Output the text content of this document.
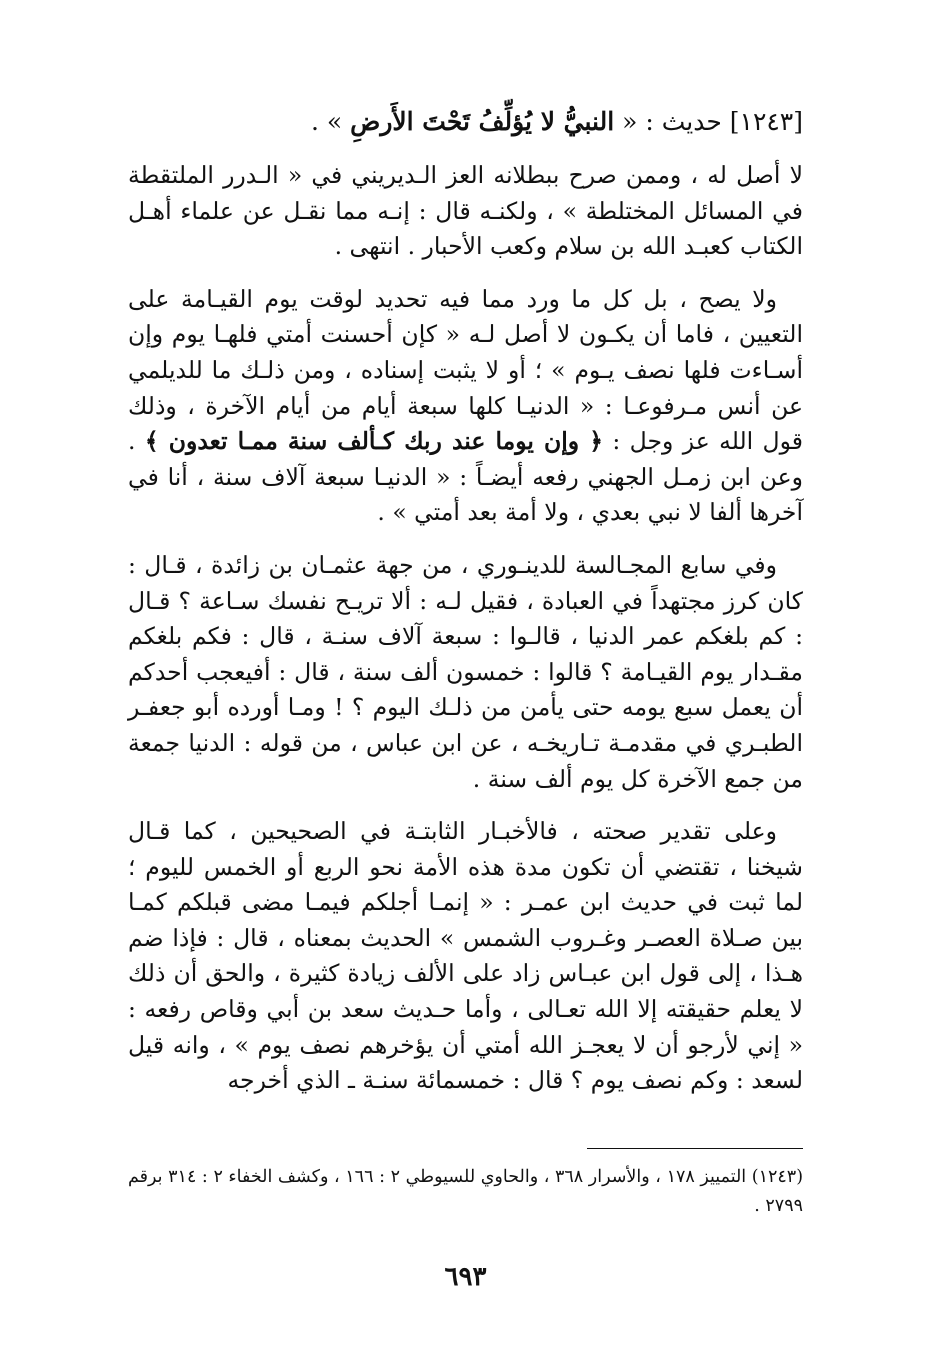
[١٢٤٣] حديث : « النبيُّ لا يُؤلِّفُ تَحْتَ الأَرضِ » .

لا أصل له ، وممن صرح ببطلانه العز الـديريني في « الـدرر الملتقطة في المسائل المختلطة » ، ولكنـه قال : إنـه مما نقـل عن علماء أهـل الكتاب كعبـد الله بن سلام وكعب الأحبار . انتهى .

ولا يصح ، بل كل ما ورد مما فيه تحديد لوقت يوم القيـامة على التعيين ، فاما أن يكـون لا أصل لـه « كإن أحسنت أمتي فلهـا يوم وإن أسـاءت فلها نصف يـوم » ؛ أو لا يثبت إسناده ، ومن ذلـك ما للديلمي عن أنس مـرفوعـا : « الدنيـا كلها سبعة أيام من أيام الآخرة ، وذلك قول الله عز وجل : ﴿ وإن يوما عند ربك كـألف سنة ممـا تعدون ﴾ . وعن ابن زمـل الجهني رفعه أيضـاً : « الدنيـا سبعة آلاف سنة ، أنا في آخرها ألفا لا نبي بعدي ، ولا أمة بعد أمتي » .

وفي سابع المجـالسة للدينـوري ، من جهة عثمـان بن زائدة ، قـال : كان كرز مجتهداً في العبادة ، فقيل لـه : ألا تريـح نفسك سـاعة ؟ قـال : كم بلغكم عمر الدنيا ، قالـوا : سبعة آلاف سنـة ، قال : فكم بلغكم مقـدار يوم القيـامة ؟ قالوا : خمسون ألف سنة ، قال : أفيعجب أحدكم أن يعمل سبع يومه حتى يأمن من ذلـك اليوم ؟ ! ومـا أورده أبو جعفـر الطبـري في مقدمـة تـاريخـه ، عن ابن عباس ، من قوله : الدنيا جمعة من جمع الآخرة كل يوم ألف سنة .

وعلى تقدير صحته ، فالأخبـار الثابتـة في الصحيحين ، كما قـال شيخنا ، تقتضي أن تكون مدة هذه الأمة نحو الربع أو الخمس لليوم ؛ لما ثبت في حديث ابن عمـر : « إنمـا أجلكم فيمـا مضى قبلكم كمـا بين صـلاة العصـر وغـروب الشمس » الحديث بمعناه ، قال : فإذا ضم هـذا ، إلى قول ابن عبـاس زاد على الألف زيادة كثيرة ، والحق أن ذلك لا يعلم حقيقته إلا الله تعـالى ، وأما حـديث سعد بن أبي وقاص رفعه : « إني لأرجو أن لا يعجـز الله أمتي أن يؤخرهم نصف يوم » ، وانه قيل لسعد : وكم نصف يوم ؟ قال : خمسمائة سنـة ـ الذي أخرجه

(١٢٤٣) التمييز ١٧٨ ، والأسرار ٣٦٨ ، والحاوي للسيوطي ٢ : ١٦٦ ، وكشف الخفاء ٢ : ٣١٤ برقم ٢٧٩٩ .
٦٩٣
